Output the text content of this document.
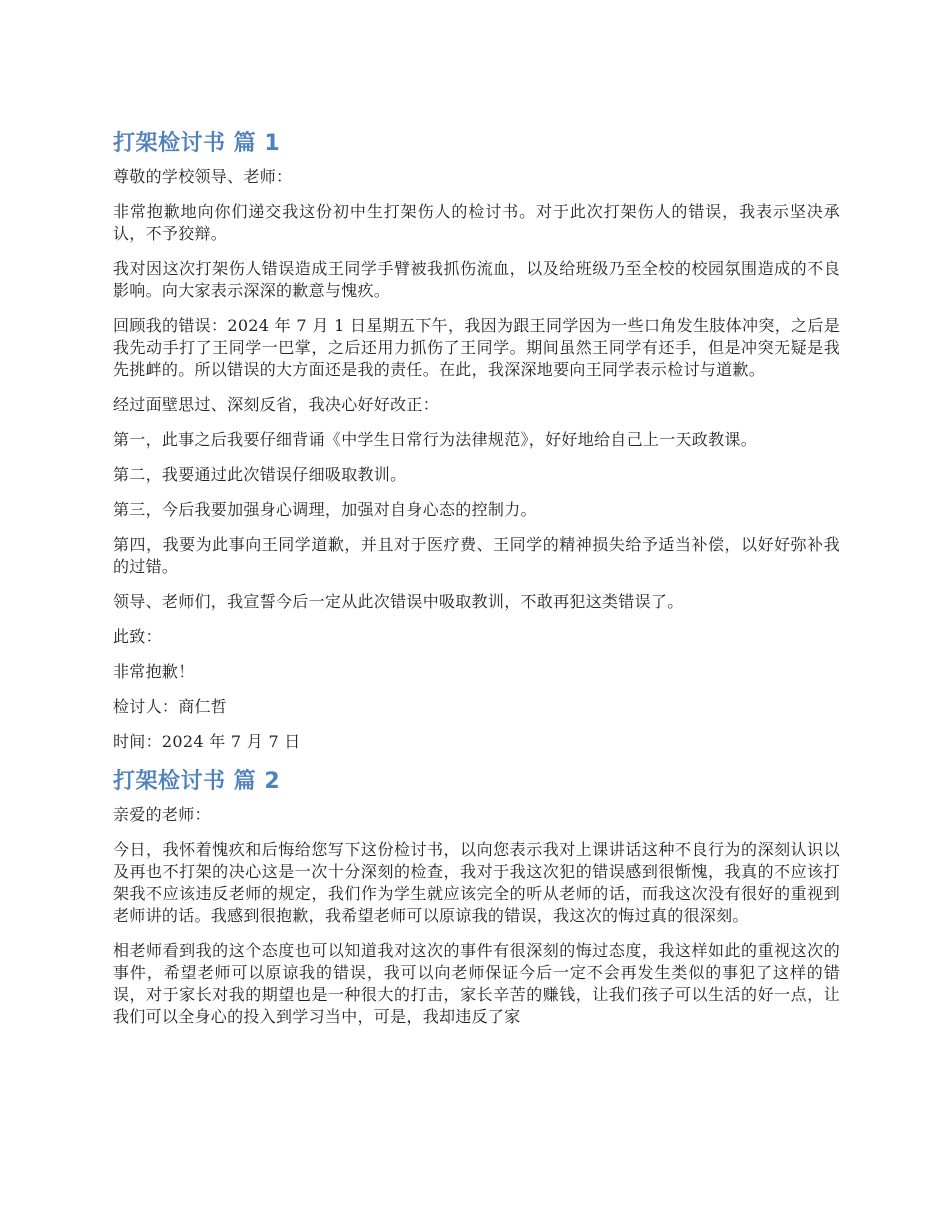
打架检讨书 篇 1

尊敬的学校领导、老师：

非常抱歉地向你们递交我这份初中生打架伤人的检讨书。对于此次打架伤人的错误，我表示坚决承认，不予狡辩。

我对因这次打架伤人错误造成王同学手臂被我抓伤流血，以及给班级乃至全校的校园氛围造成的不良影响。向大家表示深深的歉意与愧疚。

回顾我的错误：2024 年 7 月 1 日星期五下午，我因为跟王同学因为一些口角发生肢体冲突，之后是我先动手打了王同学一巴掌，之后还用力抓伤了王同学。期间虽然王同学有还手，但是冲突无疑是我先挑衅的。所以错误的大方面还是我的责任。在此，我深深地要向王同学表示检讨与道歉。

经过面壁思过、深刻反省，我决心好好改正：

第一，此事之后我要仔细背诵《中学生日常行为法律规范》，好好地给自己上一天政教课。

第二，我要通过此次错误仔细吸取教训。

第三，今后我要加强身心调理，加强对自身心态的控制力。

第四，我要为此事向王同学道歉，并且对于医疗费、王同学的精神损失给予适当补偿，以好好弥补我的过错。

领导、老师们，我宣誓今后一定从此次错误中吸取教训，不敢再犯这类错误了。

此致：

非常抱歉！

检讨人：商仁哲

时间：2024 年 7 月 7 日

打架检讨书 篇 2

亲爱的老师：

今日，我怀着愧疚和后悔给您写下这份检讨书，以向您表示我对上课讲话这种不良行为的深刻认识以及再也不打架的决心这是一次十分深刻的检查，我对于我这次犯的错误感到很惭愧，我真的不应该打架我不应该违反老师的规定，我们作为学生就应该完全的听从老师的话，而我这次没有很好的重视到老师讲的话。我感到很抱歉，我希望老师可以原谅我的错误，我这次的悔过真的很深刻。

相老师看到我的这个态度也可以知道我对这次的事件有很深刻的悔过态度，我这样如此的重视这次的事件，希望老师可以原谅我的错误，我可以向老师保证今后一定不会再发生类似的事犯了这样的错误，对于家长对我的期望也是一种很大的打击，家长辛苦的赚钱，让我们孩子可以生活的好一点，让我们可以全身心的投入到学习当中，可是，我却违反了家
